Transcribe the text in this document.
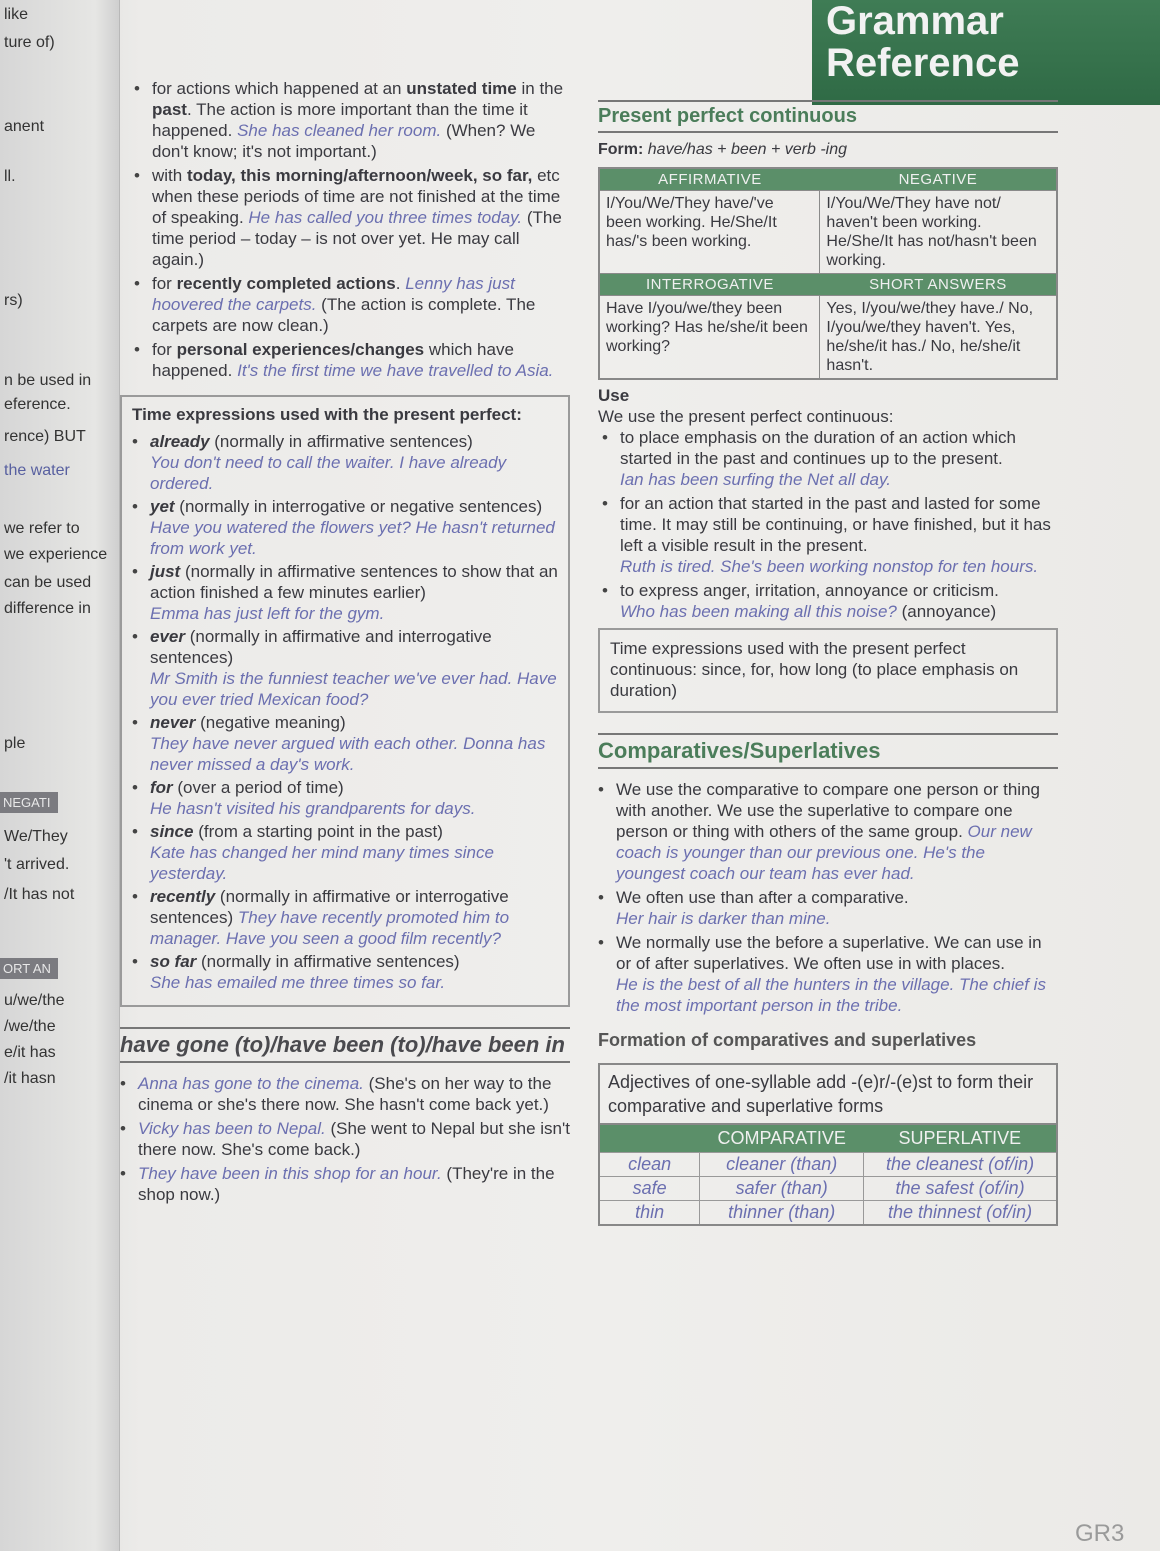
like
ture of)
anent
ll.
rs)
n be used in
eference.
rence) BUT
the water
we refer to
we experience
can be used
difference in
ple
NEGATI
We/They
't arrived.
/It has not
ORT AN
u/we/the
/we/the
e/it has
/it hasn
Grammar
Reference
• for actions which happened at an unstated time in the past. The action is more important than the time it happened. She has cleaned her room. (When? We don't know; it's not important.)
• with today, this morning/afternoon/week, so far, etc when these periods of time are not finished at the time of speaking. He has called you three times today. (The time period – today – is not over yet. He may call again.)
• for recently completed actions. Lenny has just hoovered the carpets. (The action is complete. The carpets are now clean.)
• for personal experiences/changes which have happened. It's the first time we have travelled to Asia.
Time expressions used with the present perfect:
• already (normally in affirmative sentences)
You don't need to call the waiter. I have already ordered.
• yet (normally in interrogative or negative sentences)
Have you watered the flowers yet? He hasn't returned from work yet.
• just (normally in affirmative sentences to show that an action finished a few minutes earlier)
Emma has just left for the gym.
• ever (normally in affirmative and interrogative sentences)
Mr Smith is the funniest teacher we've ever had. Have you ever tried Mexican food?
• never (negative meaning)
They have never argued with each other. Donna has never missed a day's work.
• for (over a period of time)
He hasn't visited his grandparents for days.
• since (from a starting point in the past)
Kate has changed her mind many times since yesterday.
• recently (normally in affirmative or interrogative sentences) They have recently promoted him to manager. Have you seen a good film recently?
• so far (normally in affirmative sentences)
She has emailed me three times so far.
have gone (to)/have been (to)/have been in
• Anna has gone to the cinema. (She's on her way to the cinema or she's there now. She hasn't come back yet.)
• Vicky has been to Nepal. (She went to Nepal but she isn't there now. She's come back.)
• They have been in this shop for an hour. (They're in the shop now.)
Present perfect continuous
Form: have/has + been + verb -ing
AFFIRMATIVE	NEGATIVE
I/You/We/They have/'ve been working. He/She/It has/'s been working.	I/You/We/They have not/ haven't been working. He/She/It has not/hasn't been working.
INTERROGATIVE	SHORT ANSWERS
Have I/you/we/they been working? Has he/she/it been working?	Yes, I/you/we/they have./ No, I/you/we/they haven't. Yes, he/she/it has./ No, he/she/it hasn't.
Use
We use the present perfect continuous:
• to place emphasis on the duration of an action which started in the past and continues up to the present.
Ian has been surfing the Net all day.
• for an action that started in the past and lasted for some time. It may still be continuing, or have finished, but it has left a visible result in the present.
Ruth is tired. She's been working nonstop for ten hours.
• to express anger, irritation, annoyance or criticism.
Who has been making all this noise? (annoyance)
Time expressions used with the present perfect continuous: since, for, how long (to place emphasis on duration)
Comparatives/Superlatives
• We use the comparative to compare one person or thing with another. We use the superlative to compare one person or thing with others of the same group. Our new coach is younger than our previous one. He's the youngest coach our team has ever had.
• We often use than after a comparative.
Her hair is darker than mine.
• We normally use the before a superlative. We can use in or of after superlatives. We often use in with places.
He is the best of all the hunters in the village. The chief is the most important person in the tribe.
Formation of comparatives and superlatives
Adjectives of one-syllable add -(e)r/-(e)st to form their comparative and superlative forms
	COMPARATIVE	SUPERLATIVE
clean	cleaner (than)	the cleanest (of/in)
safe	safer (than)	the safest (of/in)
thin	thinner (than)	the thinnest (of/in)
GR3
